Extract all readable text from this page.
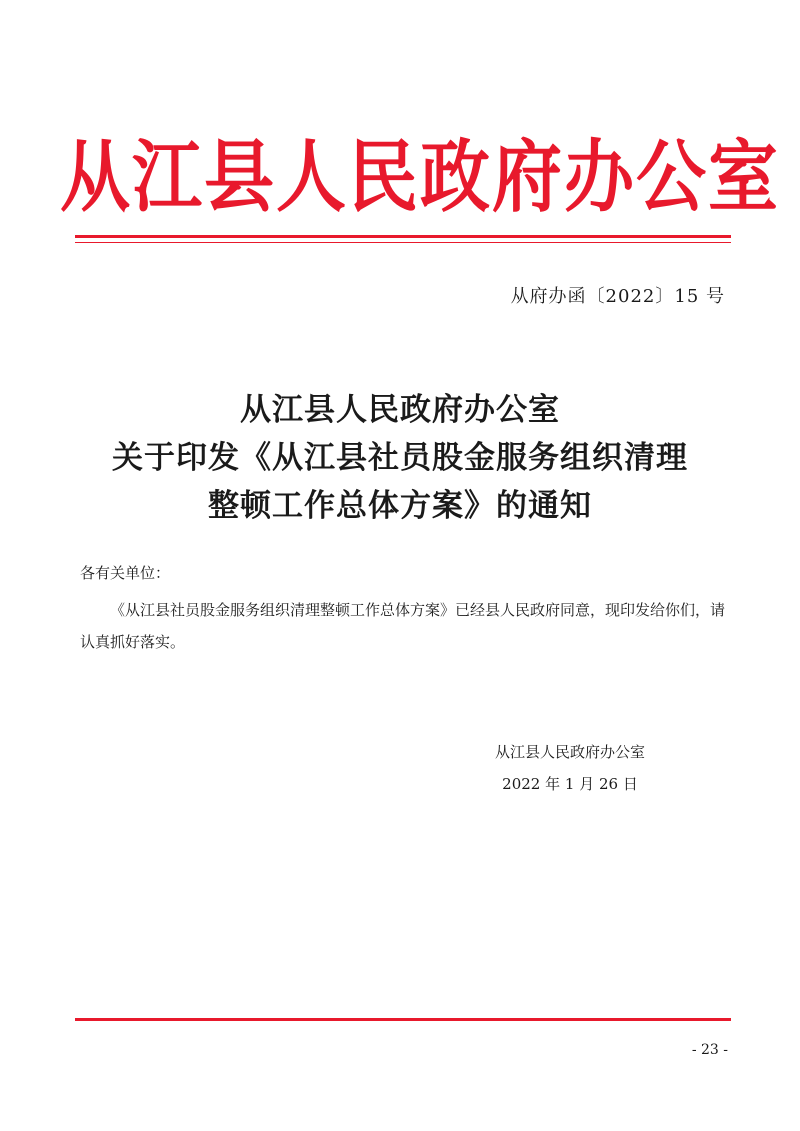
从江县人民政府办公室
从府办函〔2022〕15 号
从江县人民政府办公室
关于印发《从江县社员股金服务组织清理
整顿工作总体方案》的通知
各有关单位：
《从江县社员股金服务组织清理整顿工作总体方案》已经县人民政府同意，现印发给你们，请认真抓好落实。
从江县人民政府办公室
2022 年 1 月 26 日
- 23 -
